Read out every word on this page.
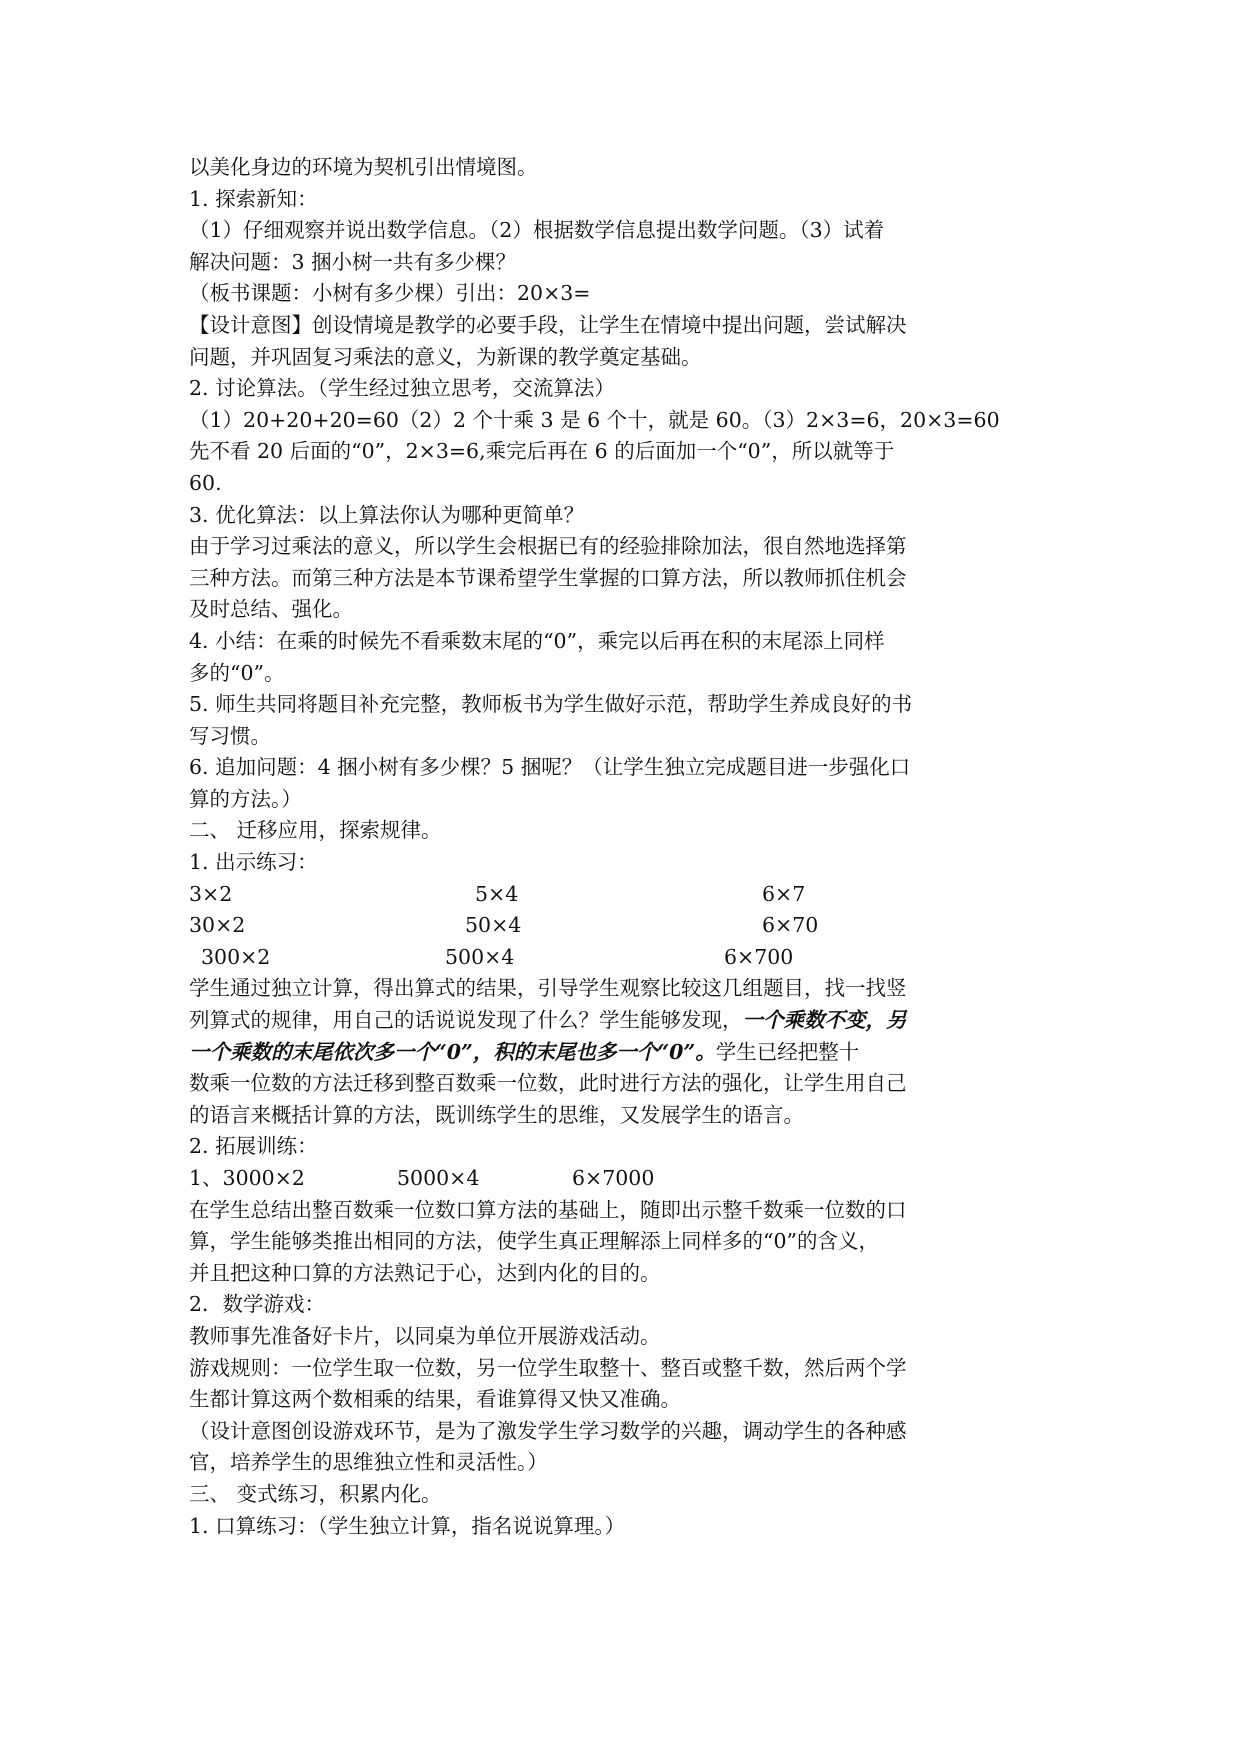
以美化身边的环境为契机引出情境图。

1. 探索新知：

（1）仔细观察并说出数学信息。（2）根据数学信息提出数学问题。（3）试着

解决问题：3 捆小树一共有多少棵？

（板书课题：小树有多少棵）引出：20×3=

【设计意图】创设情境是教学的必要手段，让学生在情境中提出问题，尝试解决

问题，并巩固复习乘法的意义，为新课的教学奠定基础。

2. 讨论算法。（学生经过独立思考，交流算法）

（1）20+20+20=60（2）2 个十乘 3 是 6 个十，就是 60。（3）2×3=6，20×3=60

先不看 20 后面的“0”，2×3=6,乘完后再在 6 的后面加一个“0”，所以就等于

60.

3. 优化算法：以上算法你认为哪种更简单？

由于学习过乘法的意义，所以学生会根据已有的经验排除加法，很自然地选择第

三种方法。而第三种方法是本节课希望学生掌握的口算方法，所以教师抓住机会

及时总结、强化。

4. 小结：在乘的时候先不看乘数末尾的“0”，乘完以后再在积的末尾添上同样

多的“0”。

5. 师生共同将题目补充完整，教师板书为学生做好示范，帮助学生养成良好的书

写习惯。

6. 追加问题：4 捆小树有多少棵？5 捆呢？（让学生独立完成题目进一步强化口

算的方法。）

二、 迁移应用，探索规律。

1. 出示练习：

3×2	5×4	6×7
30×2	50×4	6×70
300×2	500×4	6×700

学生通过独立计算，得出算式的结果，引导学生观察比较这几组题目，找一找竖

列算式的规律，用自己的话说说发现了什么？学生能够发现，一个乘数不变，另

一个乘数的末尾依次多一个“0”，积的末尾也多一个“0”。学生已经把整十

数乘一位数的方法迁移到整百数乘一位数，此时进行方法的强化，让学生用自己

的语言来概括计算的方法，既训练学生的思维，又发展学生的语言。

2. 拓展训练：

1、3000×2	5000×4	6×7000

在学生总结出整百数乘一位数口算方法的基础上，随即出示整千数乘一位数的口

算，学生能够类推出相同的方法，使学生真正理解添上同样多的“0”的含义，

并且把这种口算的方法熟记于心，达到内化的目的。

2．数学游戏：

教师事先准备好卡片，以同桌为单位开展游戏活动。

游戏规则：一位学生取一位数，另一位学生取整十、整百或整千数，然后两个学

生都计算这两个数相乘的结果，看谁算得又快又准确。

（设计意图创设游戏环节，是为了激发学生学习数学的兴趣，调动学生的各种感

官，培养学生的思维独立性和灵活性。）

三、 变式练习，积累内化。

1. 口算练习：（学生独立计算，指名说说算理。）
